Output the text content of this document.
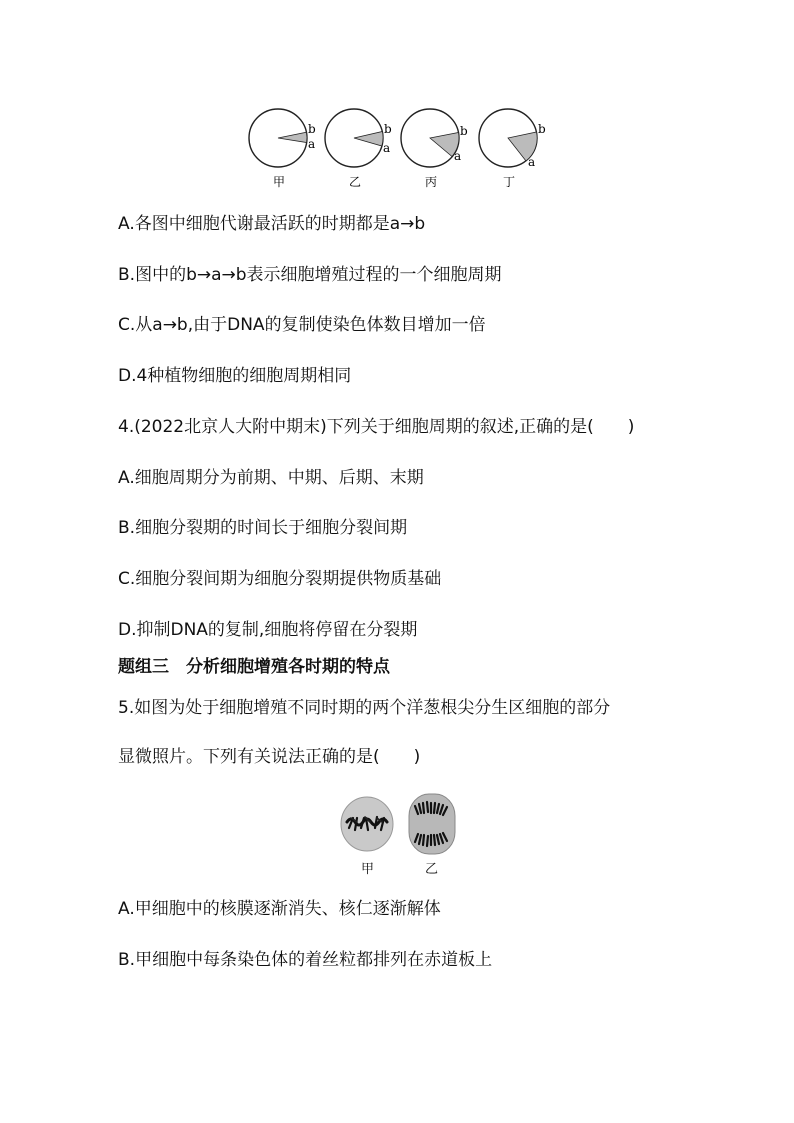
b
a
甲
b
a
乙
b
a
丙
b
a
丁
A.各图中细胞代谢最活跃的时期都是a→b
B.图中的b→a→b表示细胞增殖过程的一个细胞周期
C.从a→b,由于DNA的复制使染色体数目增加一倍
D.4种植物细胞的细胞周期相同
4.(2022北京人大附中期末)下列关于细胞周期的叙述,正确的是(　　)
A.细胞周期分为前期、中期、后期、末期
B.细胞分裂期的时间长于细胞分裂间期
C.细胞分裂间期为细胞分裂期提供物质基础
D.抑制DNA的复制,细胞将停留在分裂期
题组三　分析细胞增殖各时期的特点
5.如图为处于细胞增殖不同时期的两个洋葱根尖分生区细胞的部分
显微照片。下列有关说法正确的是(　　)
甲	乙
A.甲细胞中的核膜逐渐消失、核仁逐渐解体
B.甲细胞中每条染色体的着丝粒都排列在赤道板上
